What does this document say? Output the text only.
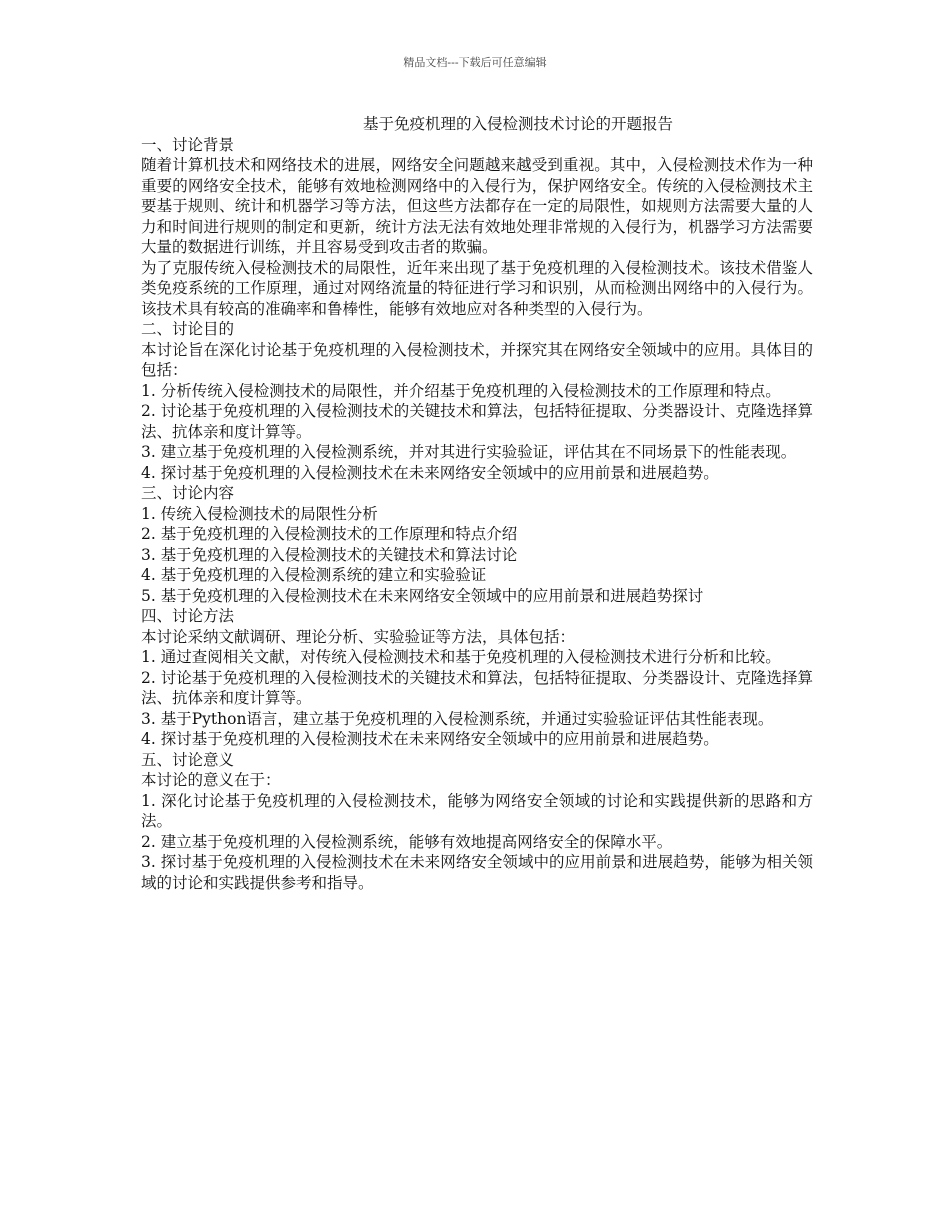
精品文档---下载后可任意编辑
基于免疫机理的入侵检测技术讨论的开题报告
一、讨论背景
随着计算机技术和网络技术的进展，网络安全问题越来越受到重视。其中，入侵检测技术作为一种重要的网络安全技术，能够有效地检测网络中的入侵行为，保护网络安全。传统的入侵检测技术主要基于规则、统计和机器学习等方法，但这些方法都存在一定的局限性，如规则方法需要大量的人力和时间进行规则的制定和更新，统计方法无法有效地处理非常规的入侵行为，机器学习方法需要大量的数据进行训练，并且容易受到攻击者的欺骗。
为了克服传统入侵检测技术的局限性，近年来出现了基于免疫机理的入侵检测技术。该技术借鉴人类免疫系统的工作原理，通过对网络流量的特征进行学习和识别，从而检测出网络中的入侵行为。该技术具有较高的准确率和鲁棒性，能够有效地应对各种类型的入侵行为。
二、讨论目的
本讨论旨在深化讨论基于免疫机理的入侵检测技术，并探究其在网络安全领域中的应用。具体目的包括：
1. 分析传统入侵检测技术的局限性，并介绍基于免疫机理的入侵检测技术的工作原理和特点。
2. 讨论基于免疫机理的入侵检测技术的关键技术和算法，包括特征提取、分类器设计、克隆选择算法、抗体亲和度计算等。
3. 建立基于免疫机理的入侵检测系统，并对其进行实验验证，评估其在不同场景下的性能表现。
4. 探讨基于免疫机理的入侵检测技术在未来网络安全领域中的应用前景和进展趋势。
三、讨论内容
1. 传统入侵检测技术的局限性分析
2. 基于免疫机理的入侵检测技术的工作原理和特点介绍
3. 基于免疫机理的入侵检测技术的关键技术和算法讨论
4. 基于免疫机理的入侵检测系统的建立和实验验证
5. 基于免疫机理的入侵检测技术在未来网络安全领域中的应用前景和进展趋势探讨
四、讨论方法
本讨论采纳文献调研、理论分析、实验验证等方法，具体包括：
1. 通过查阅相关文献，对传统入侵检测技术和基于免疫机理的入侵检测技术进行分析和比较。
2. 讨论基于免疫机理的入侵检测技术的关键技术和算法，包括特征提取、分类器设计、克隆选择算法、抗体亲和度计算等。
3. 基于Python语言，建立基于免疫机理的入侵检测系统，并通过实验验证评估其性能表现。
4. 探讨基于免疫机理的入侵检测技术在未来网络安全领域中的应用前景和进展趋势。
五、讨论意义
本讨论的意义在于：
1. 深化讨论基于免疫机理的入侵检测技术，能够为网络安全领域的讨论和实践提供新的思路和方法。
2. 建立基于免疫机理的入侵检测系统，能够有效地提高网络安全的保障水平。
3. 探讨基于免疫机理的入侵检测技术在未来网络安全领域中的应用前景和进展趋势，能够为相关领域的讨论和实践提供参考和指导。
